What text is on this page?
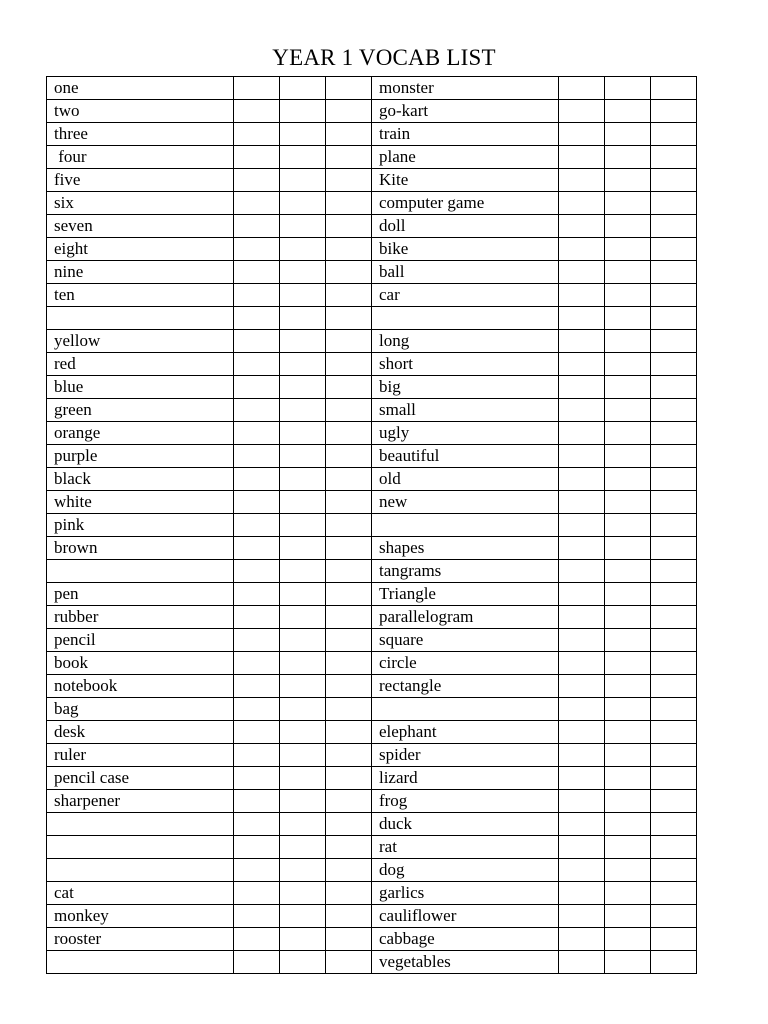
YEAR 1 VOCAB LIST
one				monster			
two				go-kart			
three				train			
four				plane			
five				Kite			
six				computer game			
seven				doll			
eight				bike			
nine				ball			
ten				car			

yellow				long			
red				short			
blue				big			
green				small			
orange				ugly			
purple				beautiful			
black				old			
white				new			
pink							
brown				shapes			
				tangrams			
pen				Triangle			
rubber				parallelogram			
pencil				square			
book				circle			
notebook				rectangle			
bag							
desk				elephant			
ruler				spider			
pencil case				lizard			
sharpener				frog			
				duck			
				rat			
				dog			
cat				garlics			
monkey				cauliflower			
rooster				cabbage			
				vegetables			
